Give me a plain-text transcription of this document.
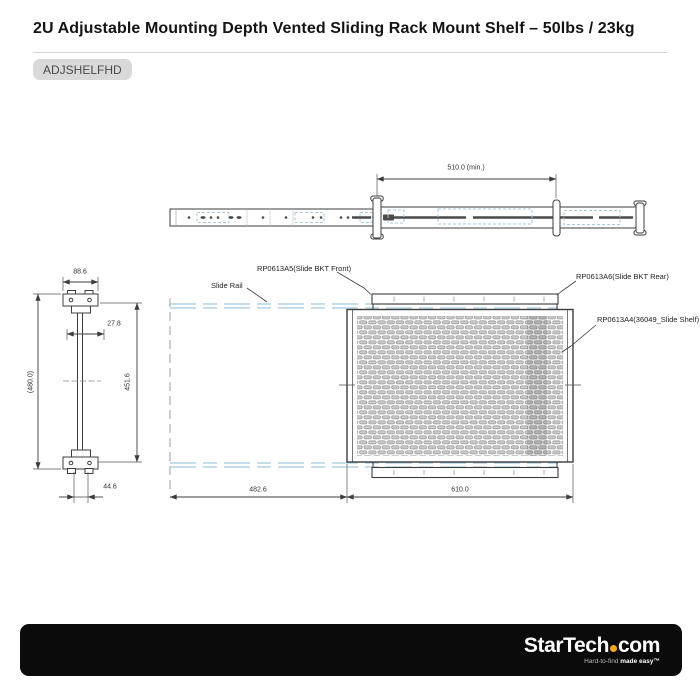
2U Adjustable Mounting Depth Vented Sliding Rack Mount Shelf – 50lbs / 23kg
ADJSHELFHD
510.0 (min.)
88.6
27.8
451.6
(480.0)
44.6	482.6	610.0
Slide Rail
RP0613A5(Slide BKT Front)
RP0613A6(Slide BKT Rear)
RP0613A4(36049_Slide Shelf)
StarTech com
Hard-to-find made easy™
